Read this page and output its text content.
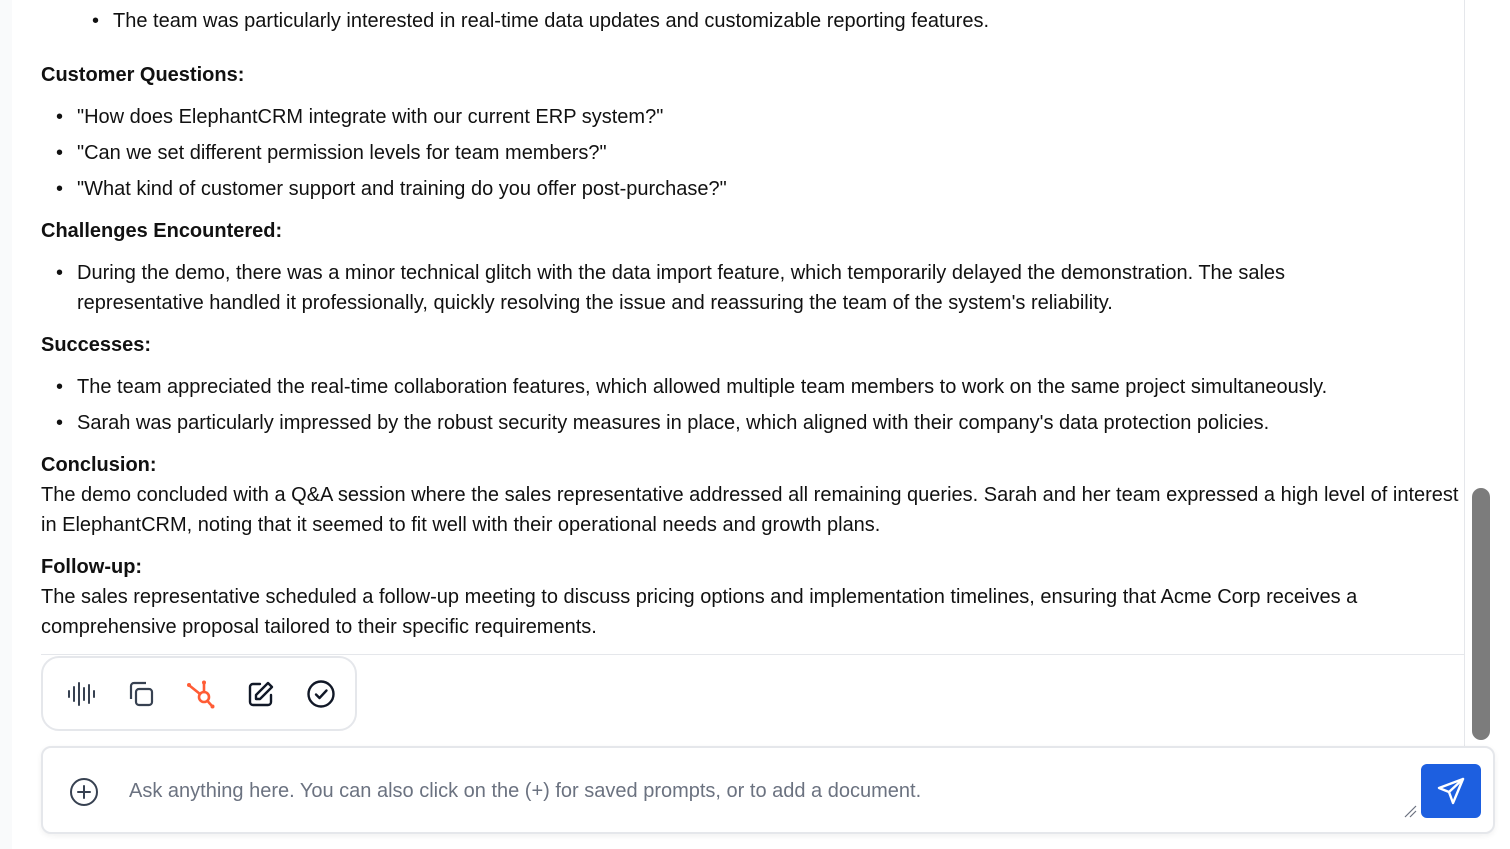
• The team was particularly interested in real-time data updates and customizable reporting features.
Customer Questions:
• "How does ElephantCRM integrate with our current ERP system?"
• "Can we set different permission levels for team members?"
• "What kind of customer support and training do you offer post-purchase?"
Challenges Encountered:
• During the demo, there was a minor technical glitch with the data import feature, which temporarily delayed the demonstration. The sales representative handled it professionally, quickly resolving the issue and reassuring the team of the system's reliability.
Successes:
• The team appreciated the real-time collaboration features, which allowed multiple team members to work on the same project simultaneously.
• Sarah was particularly impressed by the robust security measures in place, which aligned with their company's data protection policies.
Conclusion:
The demo concluded with a Q&A session where the sales representative addressed all remaining queries. Sarah and her team expressed a high level of interest in ElephantCRM, noting that it seemed to fit well with their operational needs and growth plans.
Follow-up:
The sales representative scheduled a follow-up meeting to discuss pricing options and implementation timelines, ensuring that Acme Corp receives a comprehensive proposal tailored to their specific requirements.
Ask anything here. You can also click on the (+) for saved prompts, or to add a document.
